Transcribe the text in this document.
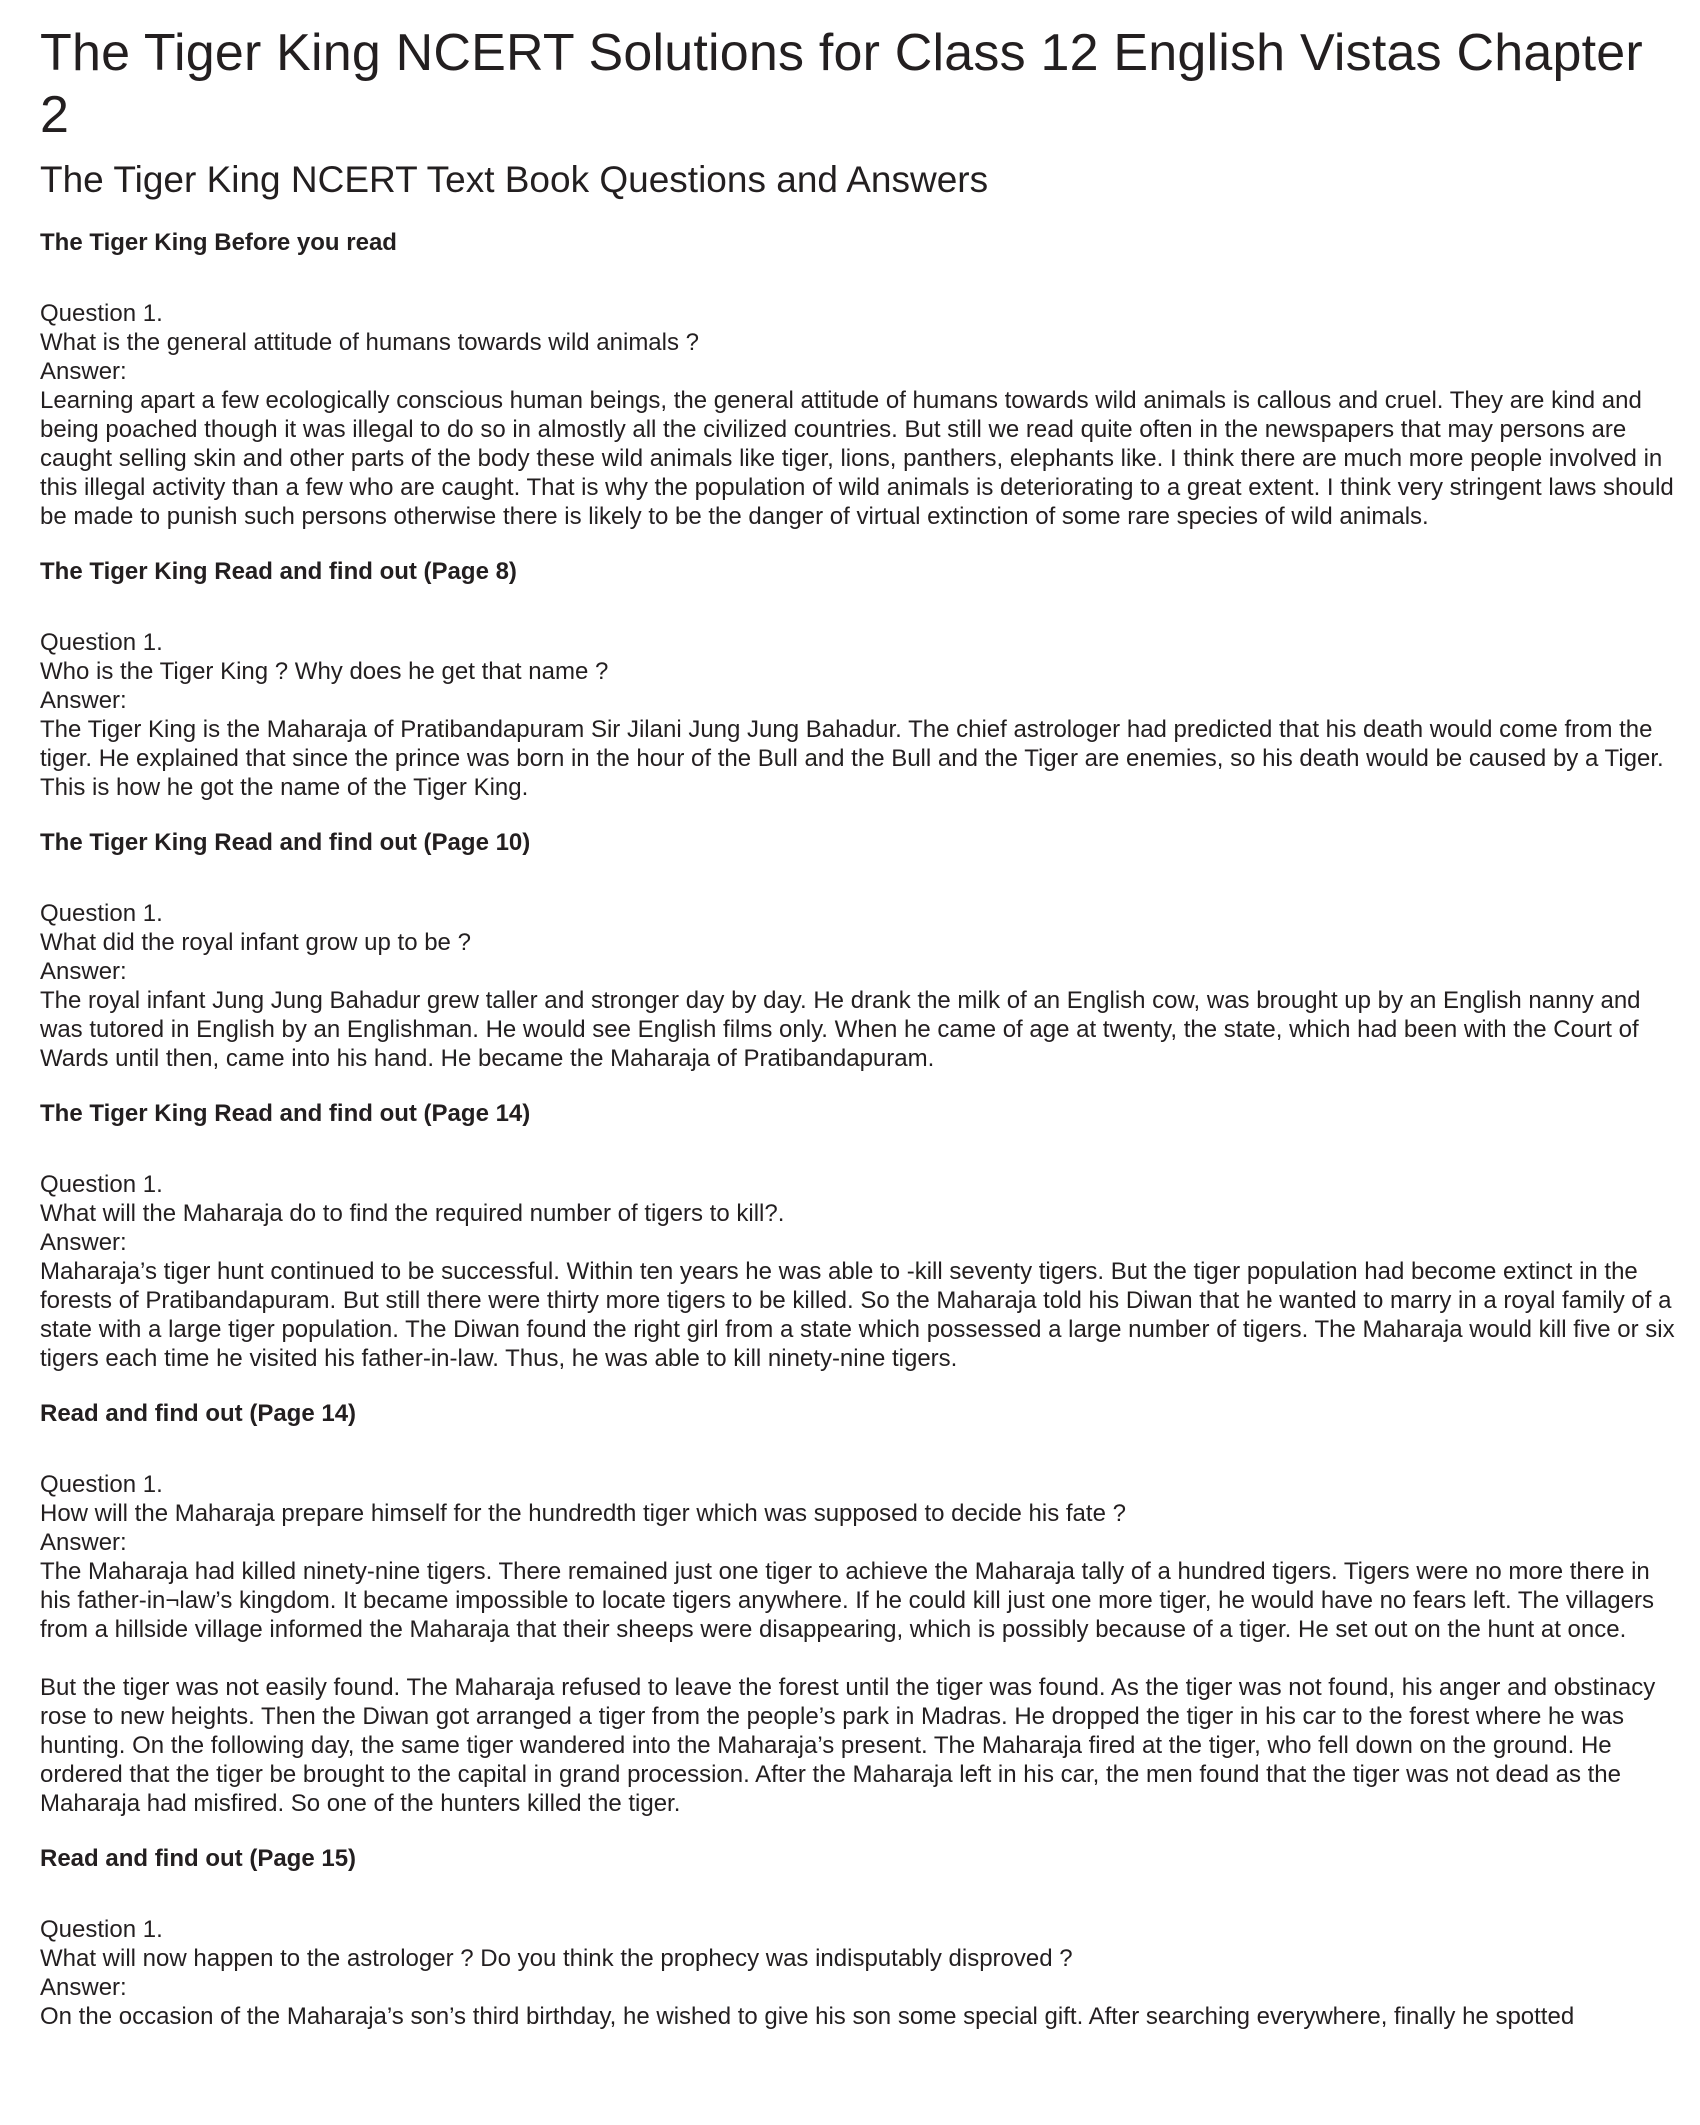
The Tiger King NCERT Solutions for Class 12 English Vistas Chapter 2
The Tiger King NCERT Text Book Questions and Answers
The Tiger King Before you read

Question 1.

What is the general attitude of humans towards wild animals ?

Answer:

Learning apart a few ecologically conscious human beings, the general attitude of humans towards wild animals is callous and cruel. They are kind and being poached though it was illegal to do so in almostly all the civilized countries. But still we read quite often in the newspapers that may persons are caught selling skin and other parts of the body these wild animals like tiger, lions, panthers, elephants like. I think there are much more people involved in this illegal activity than a few who are caught. That is why the population of wild animals is deteriorating to a great extent. I think very stringent laws should be made to punish such persons otherwise there is likely to be the danger of virtual extinction of some rare species of wild animals.

The Tiger King Read and find out (Page 8)

Question 1.

Who is the Tiger King ? Why does he get that name ?

Answer:

The Tiger King is the Maharaja of Pratibandapuram Sir Jilani Jung Jung Bahadur. The chief astrologer had predicted that his death would come from the tiger. He explained that since the prince was born in the hour of the Bull and the Bull and the Tiger are enemies, so his death would be caused by a Tiger. This is how he got the name of the Tiger King.

The Tiger King Read and find out (Page 10)

Question 1.

What did the royal infant grow up to be ?

Answer:

The royal infant Jung Jung Bahadur grew taller and stronger day by day. He drank the milk of an English cow, was brought up by an English nanny and was tutored in English by an Englishman. He would see English films only. When he came of age at twenty, the state, which had been with the Court of Wards until then, came into his hand. He became the Maharaja of Pratibandapuram.

The Tiger King Read and find out (Page 14)

Question 1.

What will the Maharaja do to find the required number of tigers to kill?.

Answer:

Maharaja’s tiger hunt continued to be successful. Within ten years he was able to -kill seventy tigers. But the tiger population had become extinct in the forests of Pratibandapuram. But still there were thirty more tigers to be killed. So the Maharaja told his Diwan that he wanted to marry in a royal family of a state with a large tiger population. The Diwan found the right girl from a state which possessed a large number of tigers. The Maharaja would kill five or six tigers each time he visited his father-in-law. Thus, he was able to kill ninety-nine tigers.

Read and find out (Page 14)

Question 1.

How will the Maharaja prepare himself for the hundredth tiger which was supposed to decide his fate ?

Answer:

The Maharaja had killed ninety-nine tigers. There remained just one tiger to achieve the Maharaja tally of a hundred tigers. Tigers were no more there in his father-in¬law’s kingdom. It became impossible to locate tigers anywhere. If he could kill just one more tiger, he would have no fears left. The villagers from a hillside village informed the Maharaja that their sheeps were disappearing, which is possibly because of a tiger. He set out on the hunt at once.

But the tiger was not easily found. The Maharaja refused to leave the forest until the tiger was found. As the tiger was not found, his anger and obstinacy rose to new heights. Then the Diwan got arranged a tiger from the people’s park in Madras. He dropped the tiger in his car to the forest where he was hunting. On the following day, the same tiger wandered into the Maharaja’s present. The Maharaja fired at the tiger, who fell down on the ground. He ordered that the tiger be brought to the capital in grand procession. After the Maharaja left in his car, the men found that the tiger was not dead as the Maharaja had misfired. So one of the hunters killed the tiger.

Read and find out (Page 15)

Question 1.

What will now happen to the astrologer ? Do you think the prophecy was indisputably disproved ?

Answer:

On the occasion of the Maharaja’s son’s third birthday, he wished to give his son some special gift. After searching everywhere, finally he spotted
